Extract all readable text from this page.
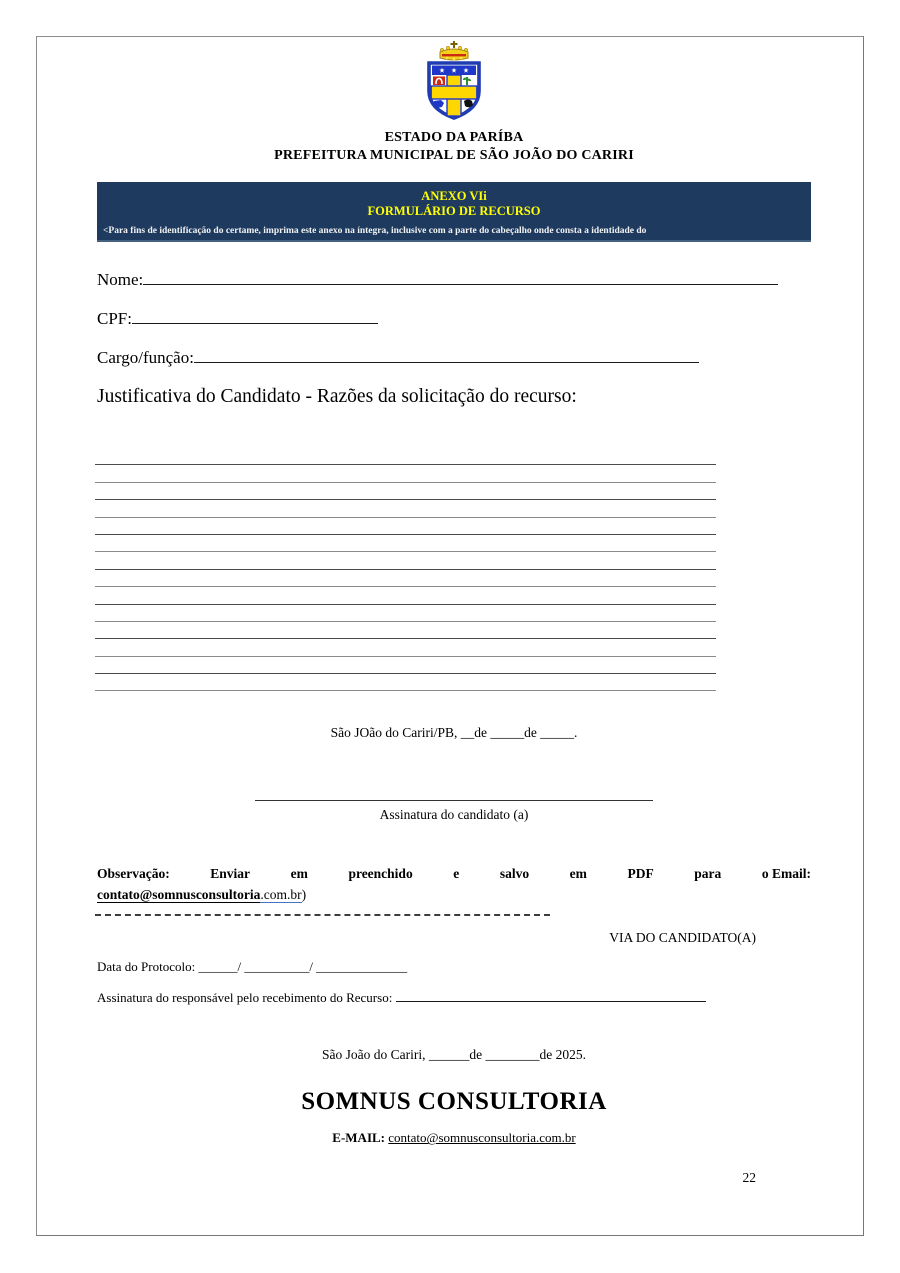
ESTADO DA PARÍBA
PREFEITURA MUNICIPAL DE SÃO JOÃO DO CARIRI
ANEXO VIi
FORMULÁRIO DE RECURSO
<Para fins de identificação do certame, imprima este anexo na íntegra, inclusive com a parte do cabeçalho onde consta a identidade do
Nome:
CPF:
Cargo/função:
Justificativa do Candidato - Razões da solicitação do recurso:
São JOão do Cariri/PB, __de _____de _____.
Assinatura do candidato (a)
Observação:	Enviar	em	preenchido	e	salvo	em	PDF	para	o Email:
contato@somnusconsultoria.com.br)
VIA DO CANDIDATO(A)
Data do Protocolo: ______/ __________/ ______________
Assinatura do responsável pelo recebimento do Recurso:
São João do Cariri, ______de ________de 2025.
SOMNUS CONSULTORIA
E-MAIL: contato@somnusconsultoria.com.br
22
